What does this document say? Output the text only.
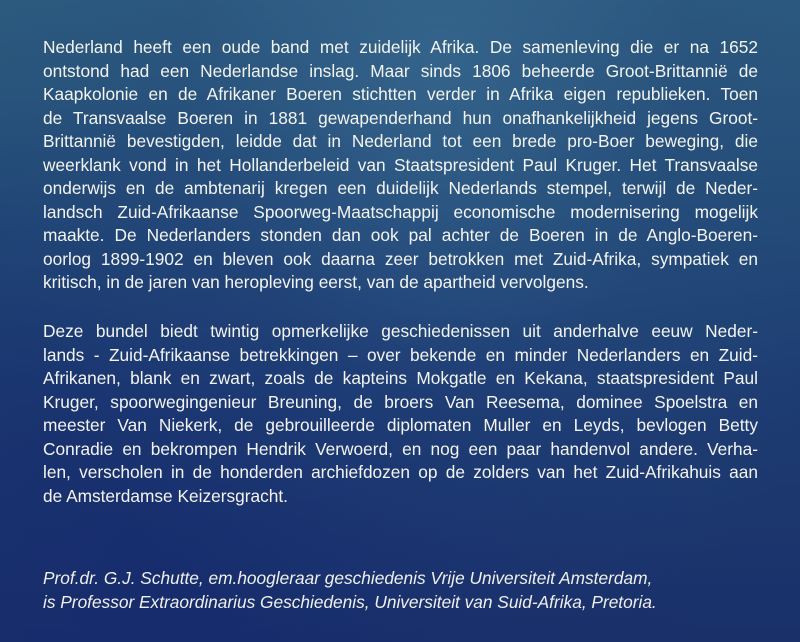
Nederland heeft een oude band met zuidelijk Afrika. De samenleving die er na 1652
ontstond had een Nederlandse inslag. Maar sinds 1806 beheerde Groot-Brittannië de
Kaapkolonie en de Afrikaner Boeren stichtten verder in Afrika eigen republieken. Toen
de Transvaalse Boeren in 1881 gewapenderhand hun onafhankelijkheid jegens Groot-
Brittannië bevestigden, leidde dat in Nederland tot een brede pro-Boer beweging, die
weerklank vond in het Hollanderbeleid van Staatspresident Paul Kruger. Het Transvaalse
onderwijs en de ambtenarij kregen een duidelijk Nederlands stempel, terwijl de Neder-
landsch Zuid-Afrikaanse Spoorweg-Maatschappij economische modernisering mogelijk
maakte. De Nederlanders stonden dan ook pal achter de Boeren in de Anglo-Boeren-
oorlog 1899-1902 en bleven ook daarna zeer betrokken met Zuid-Afrika, sympatiek en
kritisch, in de jaren van heropleving eerst, van de apartheid vervolgens.
Deze bundel biedt twintig opmerkelijke geschiedenissen uit anderhalve eeuw Neder-
lands - Zuid-Afrikaanse betrekkingen – over bekende en minder Nederlanders en Zuid-
Afrikanen, blank en zwart, zoals de kapteins Mokgatle en Kekana, staatspresident Paul
Kruger, spoorwegingenieur Breuning, de broers Van Reesema, dominee Spoelstra en
meester Van Niekerk, de gebrouilleerde diplomaten Muller en Leyds, bevlogen Betty
Conradie en bekrompen Hendrik Verwoerd, en nog een paar handenvol andere. Verha-
len, verscholen in de honderden archiefdozen op de zolders van het Zuid-Afrikahuis aan
de Amsterdamse Keizersgracht.
Prof.dr. G.J. Schutte, em.hoogleraar geschiedenis Vrije Universiteit Amsterdam,
is Professor Extraordinarius Geschiedenis, Universiteit van Suid-Afrika, Pretoria.
